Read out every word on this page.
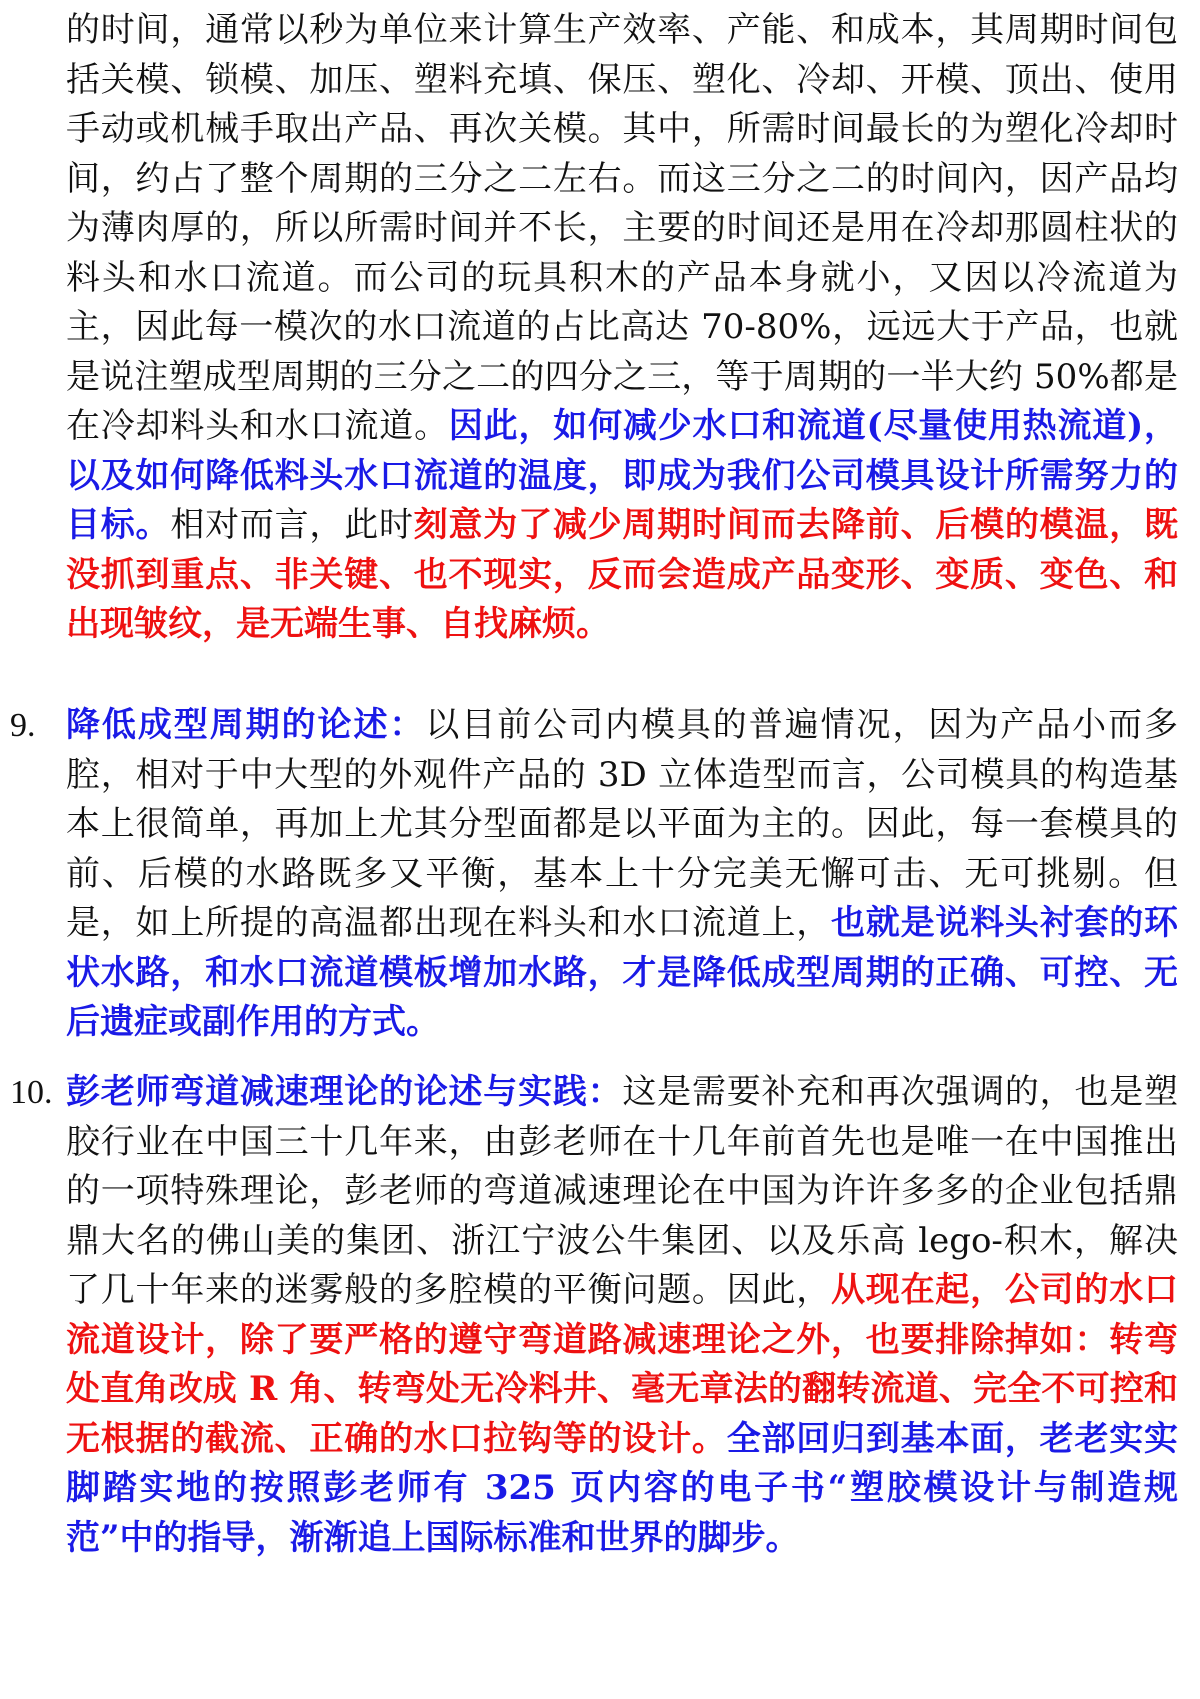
的时间，通常以秒为单位来计算生产效率、产能、和成本，其周期时间包括关模、锁模、加压、塑料充填、保压、塑化、冷却、开模、顶出、使用手动或机械手取出产品、再次关模。其中，所需时间最长的为塑化冷却时间，约占了整个周期的三分之二左右。而这三分之二的时间內，因产品均为薄肉厚的，所以所需时间并不长，主要的时间还是用在冷却那圆柱状的料头和水口流道。而公司的玩具积木的产品本身就小，又因以冷流道为主，因此每一模次的水口流道的占比高达 70-80%，远远大于产品，也就是说注塑成型周期的三分之二的四分之三，等于周期的一半大约 50%都是在冷却料头和水口流道。因此，如何减少水口和流道(尽量使用热流道)，以及如何降低料头水口流道的温度，即成为我们公司模具设计所需努力的目标。相对而言，此时刻意为了减少周期时间而去降前、后模的模温，既没抓到重点、非关键、也不现实，反而会造成产品变形、变质、变色、和出现皱纹，是无端生事、自找麻烦。
9. 降低成型周期的论述：以目前公司内模具的普遍情况，因为产品小而多腔，相对于中大型的外观件产品的 3D 立体造型而言，公司模具的构造基本上很简单，再加上尤其分型面都是以平面为主的。因此，每一套模具的前、后模的水路既多又平衡，基本上十分完美无懈可击、无可挑剔。但是，如上所提的高温都出现在料头和水口流道上，也就是说料头衬套的环状水路，和水口流道模板增加水路，才是降低成型周期的正确、可控、无后遗症或副作用的方式。
10. 彭老师弯道减速理论的论述与实践：这是需要补充和再次强调的，也是塑胶行业在中国三十几年来，由彭老师在十几年前首先也是唯一在中国推出的一项特殊理论，彭老师的弯道减速理论在中国为许许多多的企业包括鼎鼎大名的佛山美的集团、浙江宁波公牛集团、以及乐高 lego-积木，解决了几十年来的迷雾般的多腔模的平衡问题。因此，从现在起，公司的水口流道设计，除了要严格的遵守弯道路减速理论之外，也要排除掉如：转弯处直角改成 R 角、转弯处无冷料井、毫无章法的翻转流道、完全不可控和无根据的截流、正确的水口拉钩等的设计。全部回归到基本面，老老实实脚踏实地的按照彭老师有 325 页内容的电子书“塑胶模设计与制造规范”中的指导，渐渐追上国际标准和世界的脚步。
